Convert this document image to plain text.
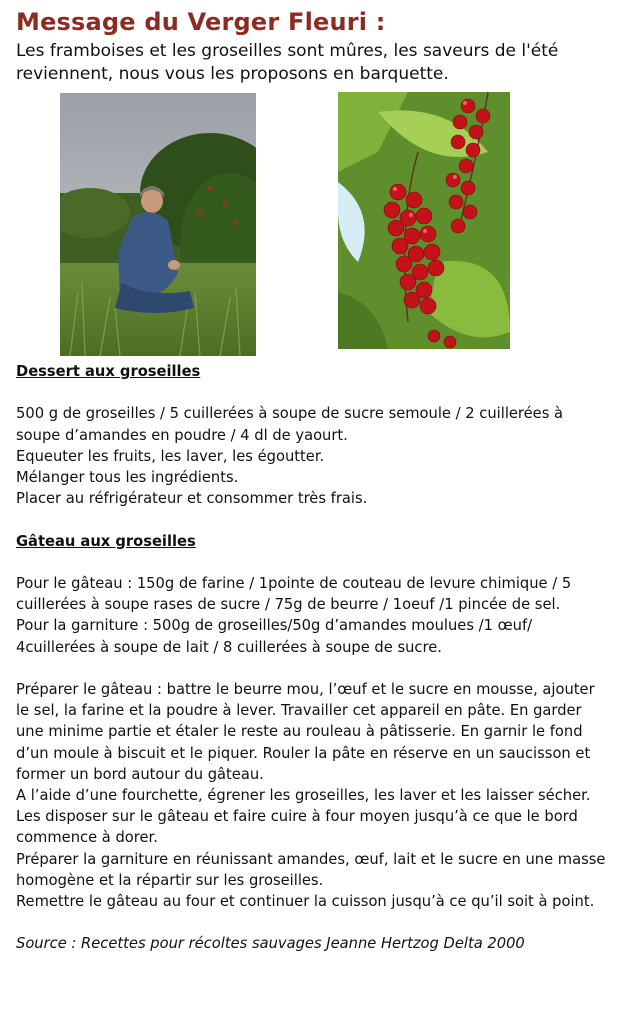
Message du Verger Fleuri :
Les framboises et les groseilles sont mûres, les saveurs de l'été reviennent, nous vous les proposons en barquette.

Dessert aux groseilles

500 g de groseilles / 5 cuillerées à soupe de sucre semoule / 2 cuillerées à soupe d’amandes en poudre / 4 dl de yaourt.

Equeuter les fruits, les laver, les égoutter.

Mélanger tous les ingrédients.

Placer au réfrigérateur et consommer très frais.

Gâteau aux groseilles

Pour le gâteau : 150g de farine / 1pointe de couteau de levure chimique / 5 cuillerées à soupe rases de sucre / 75g de beurre / 1oeuf /1 pincée de sel.

Pour la garniture : 500g de groseilles/50g d’amandes moulues /1 œuf/ 4cuillerées à soupe de lait / 8 cuillerées à soupe de sucre.

Préparer le gâteau : battre le beurre mou, l’œuf et le sucre en mousse, ajouter le sel, la farine et la poudre à lever. Travailler cet appareil en pâte. En garder une minime partie et étaler le reste au rouleau à pâtisserie. En garnir le fond d’un moule à biscuit et le piquer. Rouler la pâte en réserve en un saucisson et former un bord autour du gâteau.

A l’aide d’une fourchette, égrener les groseilles, les laver et les laisser sécher. Les disposer sur le gâteau et faire cuire à four moyen jusqu’à ce que le bord commence à dorer.

Préparer la garniture en réunissant amandes, œuf, lait et le sucre en une masse homogène et la répartir sur les groseilles.

Remettre le gâteau au four et continuer la cuisson jusqu’à ce qu’il soit à point.

Source : Recettes pour récoltes sauvages Jeanne Hertzog Delta 2000
